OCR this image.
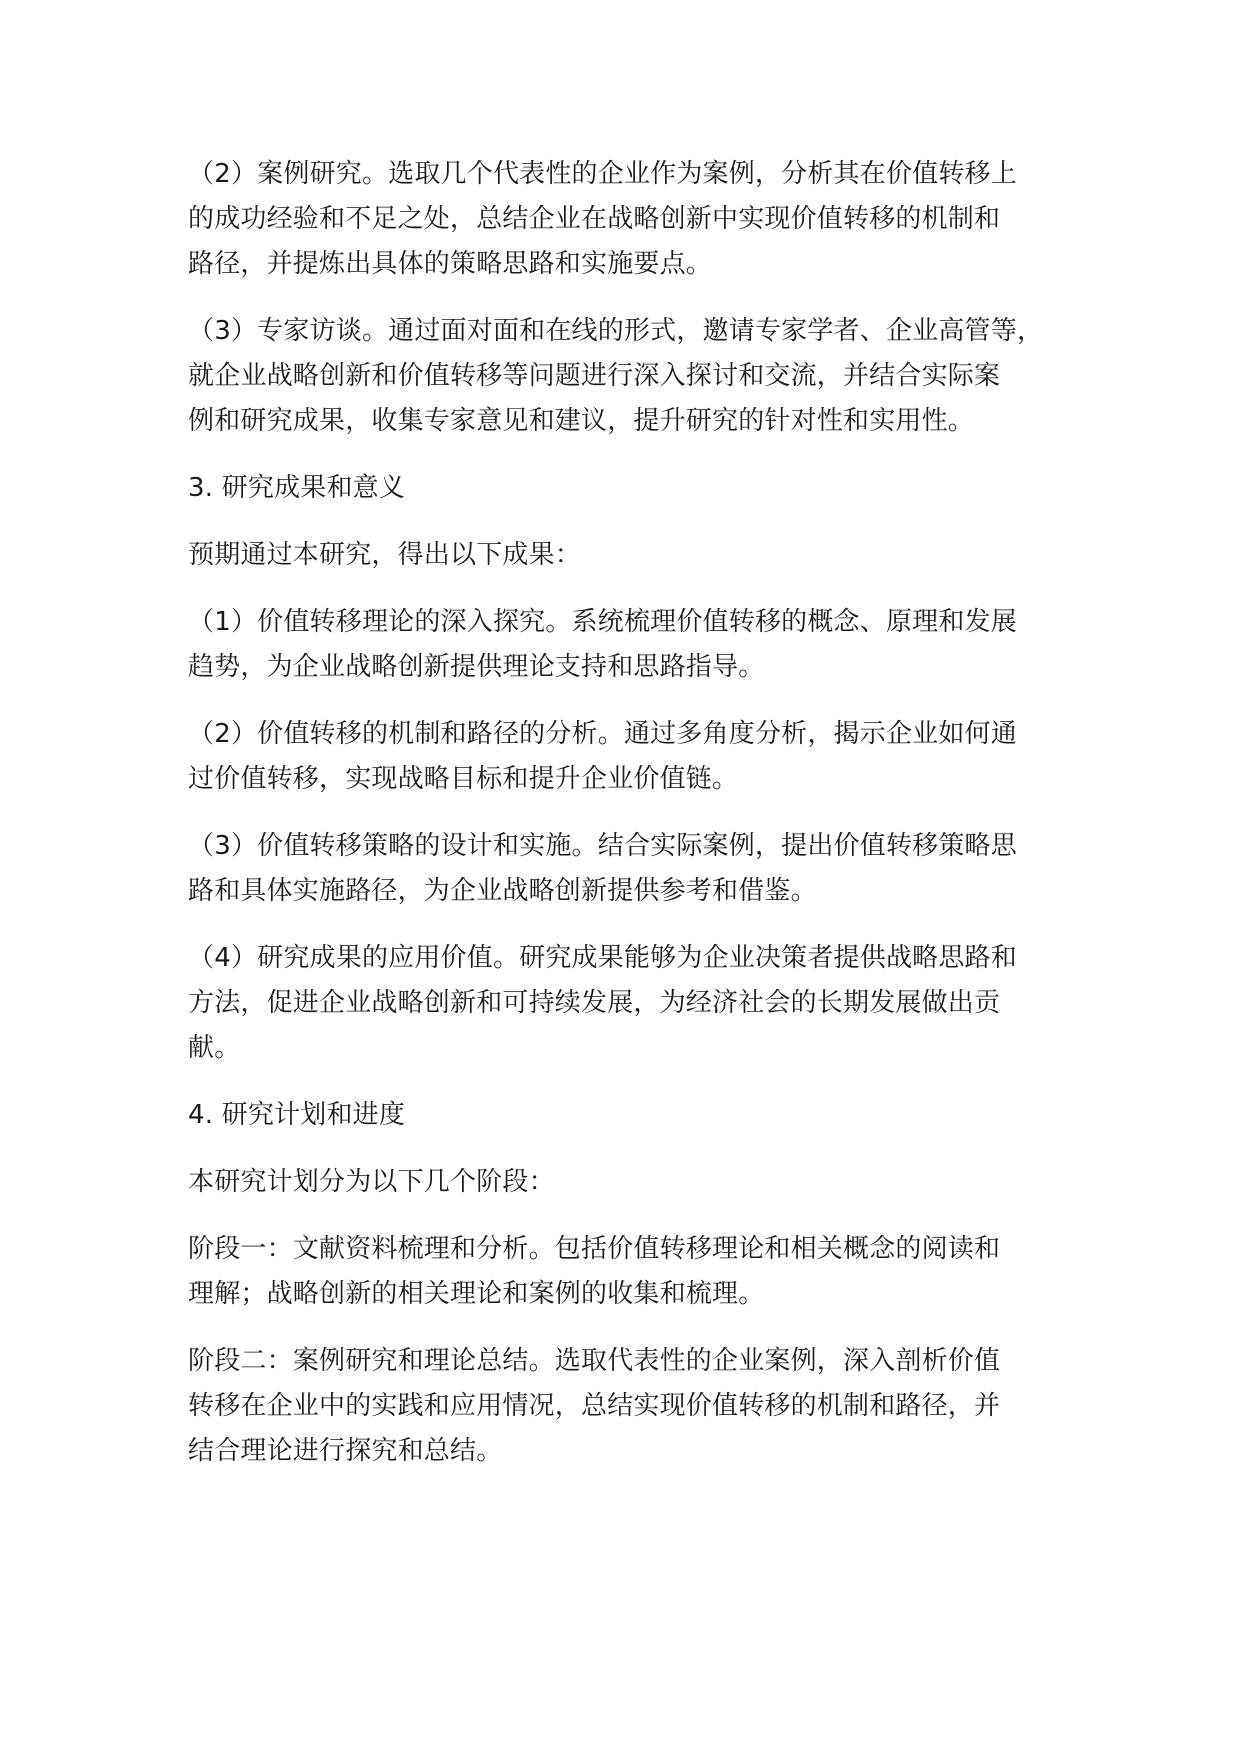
（2）案例研究。选取几个代表性的企业作为案例，分析其在价值转移上
的成功经验和不足之处，总结企业在战略创新中实现价值转移的机制和
路径，并提炼出具体的策略思路和实施要点。

（3）专家访谈。通过面对面和在线的形式，邀请专家学者、企业高管等，
就企业战略创新和价值转移等问题进行深入探讨和交流，并结合实际案
例和研究成果，收集专家意见和建议，提升研究的针对性和实用性。

3. 研究成果和意义

预期通过本研究，得出以下成果：

（1）价值转移理论的深入探究。系统梳理价值转移的概念、原理和发展
趋势，为企业战略创新提供理论支持和思路指导。

（2）价值转移的机制和路径的分析。通过多角度分析，揭示企业如何通
过价值转移，实现战略目标和提升企业价值链。

（3）价值转移策略的设计和实施。结合实际案例，提出价值转移策略思
路和具体实施路径，为企业战略创新提供参考和借鉴。

（4）研究成果的应用价值。研究成果能够为企业决策者提供战略思路和
方法，促进企业战略创新和可持续发展，为经济社会的长期发展做出贡
献。

4. 研究计划和进度

本研究计划分为以下几个阶段：

阶段一：文献资料梳理和分析。包括价值转移理论和相关概念的阅读和
理解；战略创新的相关理论和案例的收集和梳理。

阶段二：案例研究和理论总结。选取代表性的企业案例，深入剖析价值
转移在企业中的实践和应用情况，总结实现价值转移的机制和路径，并
结合理论进行探究和总结。
